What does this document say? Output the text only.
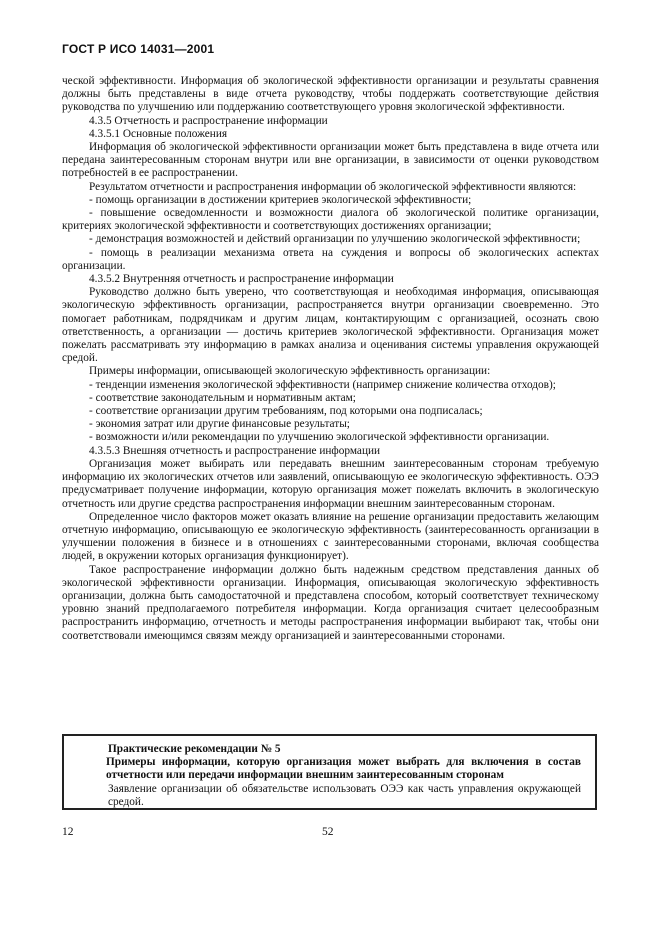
ГОСТ Р ИСО 14031—2001

ческой эффективности. Информация об экологической эффективности организации и результаты сравнения должны быть представлены в виде отчета руководству, чтобы поддержать соответствующие действия руководства по улучшению или поддержанию соответствующего уровня экологической эффективности.

4.3.5 Отчетность и распространение информации

4.3.5.1 Основные положения

Информация об экологической эффективности организации может быть представлена в виде отчета или передана заинтересованным сторонам внутри или вне организации, в зависимости от оценки руководством потребностей в ее распространении.

Результатом отчетности и распространения информации об экологической эффективности являются:

- помощь организации в достижении критериев экологической эффективности;

- повышение осведомленности и возможности диалога об экологической политике организации, критериях экологической эффективности и соответствующих достижениях организации;

- демонстрация возможностей и действий организации по улучшению экологической эффективности;

- помощь в реализации механизма ответа на суждения и вопросы об экологических аспектах организации.

4.3.5.2 Внутренняя отчетность и распространение информации

Руководство должно быть уверено, что соответствующая и необходимая информация, описывающая экологическую эффективность организации, распространяется внутри организации своевременно. Это помогает работникам, подрядчикам и другим лицам, контактирующим с организацией, осознать свою ответственность, а организации — достичь критериев экологической эффективности. Организация может пожелать рассматривать эту информацию в рамках анализа и оценивания системы управления окружающей средой.

Примеры информации, описывающей экологическую эффективность организации:

- тенденции изменения экологической эффективности (например снижение количества отходов);

- соответствие законодательным и нормативным актам;

- соответствие организации другим требованиям, под которыми она подписалась;

- экономия затрат или другие финансовые результаты;

- возможности и/или рекомендации по улучшению экологической эффективности организации.

4.3.5.3 Внешняя отчетность и распространение информации

Организация может выбирать или передавать внешним заинтересованным сторонам требуемую информацию их экологических отчетов или заявлений, описывающую ее экологическую эффективность. ОЭЭ предусматривает получение информации, которую организация может пожелать включить в экологическую отчетность или другие средства распространения информации внешним заинтересованным сторонам.

Определенное число факторов может оказать влияние на решение организации предоставить желающим отчетную информацию, описывающую ее экологическую эффективность (заинтересованность организации в улучшении положения в бизнесе и в отношениях с заинтересованными сторонами, включая сообщества людей, в окружении которых организация функционирует).

Такое распространение информации должно быть надежным средством представления данных об экологической эффективности организации. Информация, описывающая экологическую эффективность организации, должна быть самодостаточной и представлена способом, который соответствует техническому уровню знаний предполагаемого потребителя информации. Когда организация считает целесообразным распространить информацию, отчетность и методы распространения информации выбирают так, чтобы они соответствовали имеющимся связям между организацией и заинтересованными сторонами.

Практические рекомендации № 5

Примеры информации, которую организация может выбрать для включения в состав отчетности или передачи информации внешним заинтересованным сторонам

Заявление организации об обязательстве использовать ОЭЭ как часть управления окружающей средой.

12	52
